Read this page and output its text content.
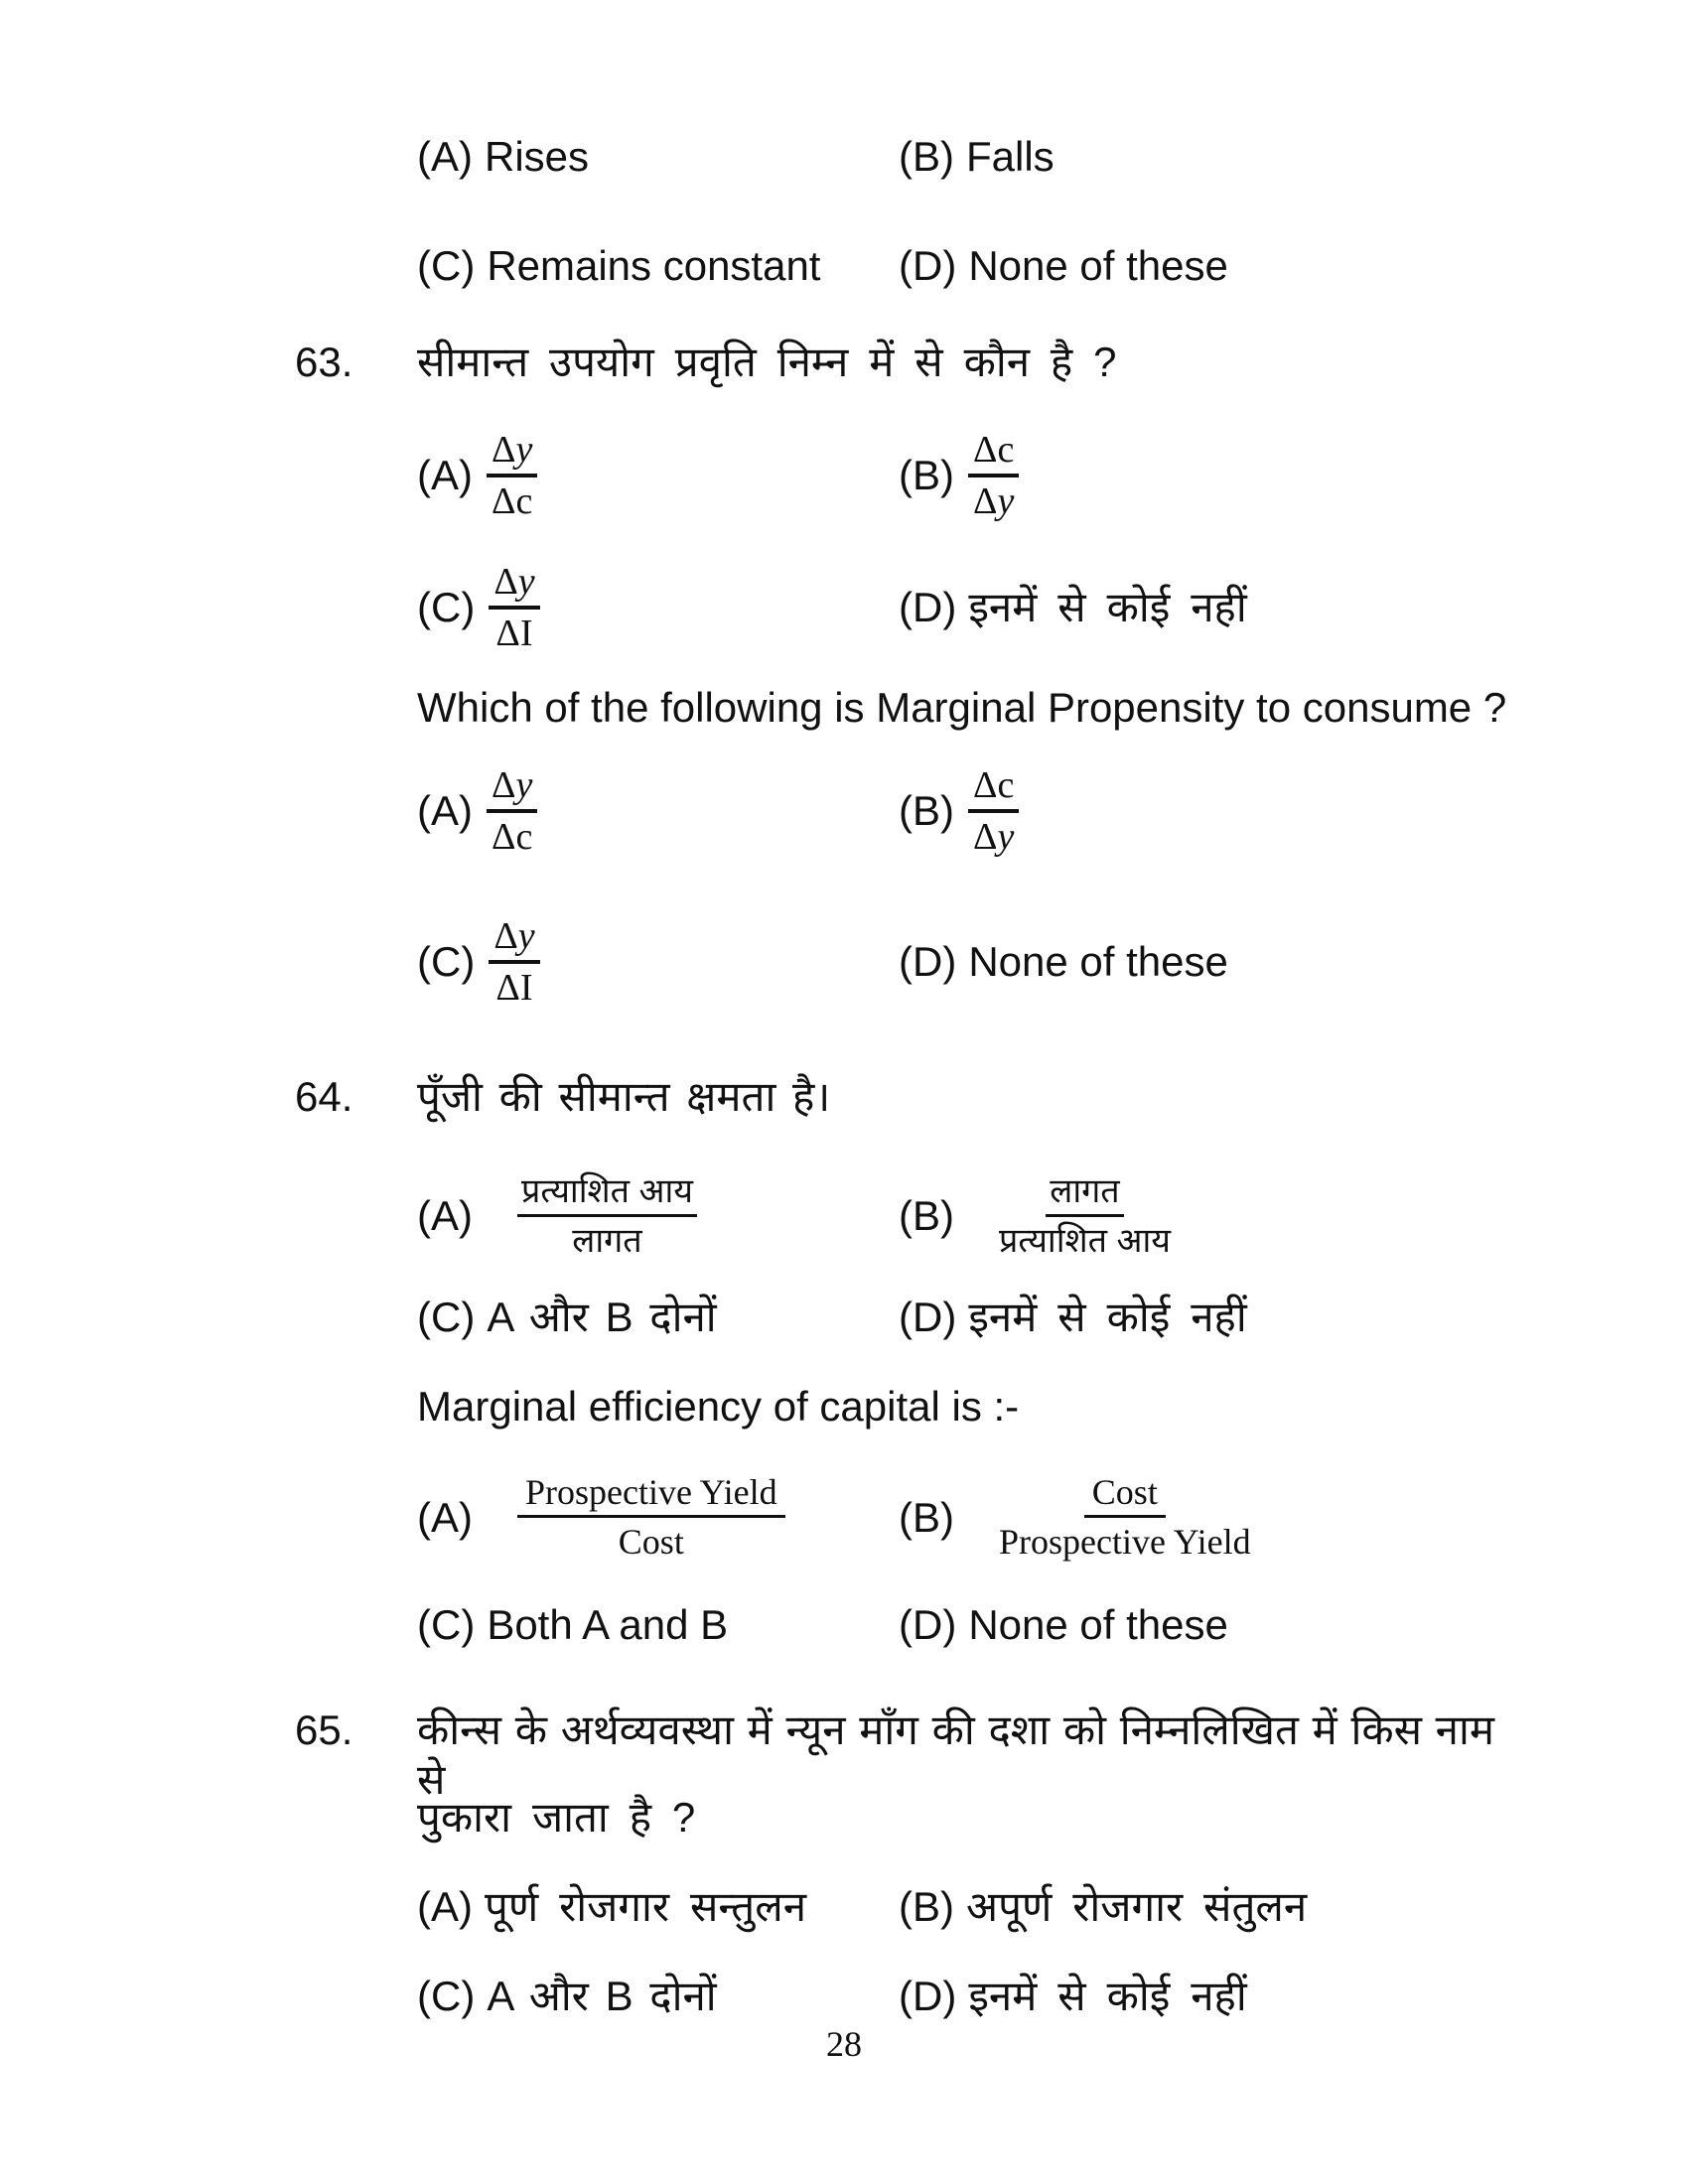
(A) Rises	(B) Falls
(C) Remains constant (D) None of these
63. सीमान्त उपयोग प्रवृति निम्न में से कौन है ?
$(A) \frac{\Delta y}{\Delta c}$	$(B) \frac{\Delta c}{\Delta y}$
$(C) \frac{\Delta y}{\Delta I}$	(D) इनमें से कोई नहीं
Which of the following is Marginal Propensity to consume ?
$(A) \frac{\Delta y}{\Delta c}$	$(B) \frac{\Delta c}{\Delta y}$
$(C) \frac{\Delta y}{\Delta I}$	(D) None of these
64. पूँजी की सीमान्त क्षमता है।
$(A) \frac{\text{प्रत्याशित आय}}{\text{लागत}}$	$(B) \frac{\text{लागत}}{\text{प्रत्याशित आय}}$
(C) A और B दोनों	(D) इनमें से कोई नहीं
Marginal efficiency of capital is :-
$(A) \frac{\text{Prospective Yield}}{\text{Cost}}$	$(B) \frac{\text{Cost}}{\text{Prospective Yield}}$
(C) Both A and B	(D) None of these
65. कीन्स के अर्थव्यवस्था में न्यून माँग की दशा को निम्नलिखित में किस नाम से
पुकारा जाता है ?
(A) पूर्ण रोजगार सन्तुलन (B) अपूर्ण रोजगार संतुलन
(C) A और B दोनों	(D) इनमें से कोई नहीं
28
